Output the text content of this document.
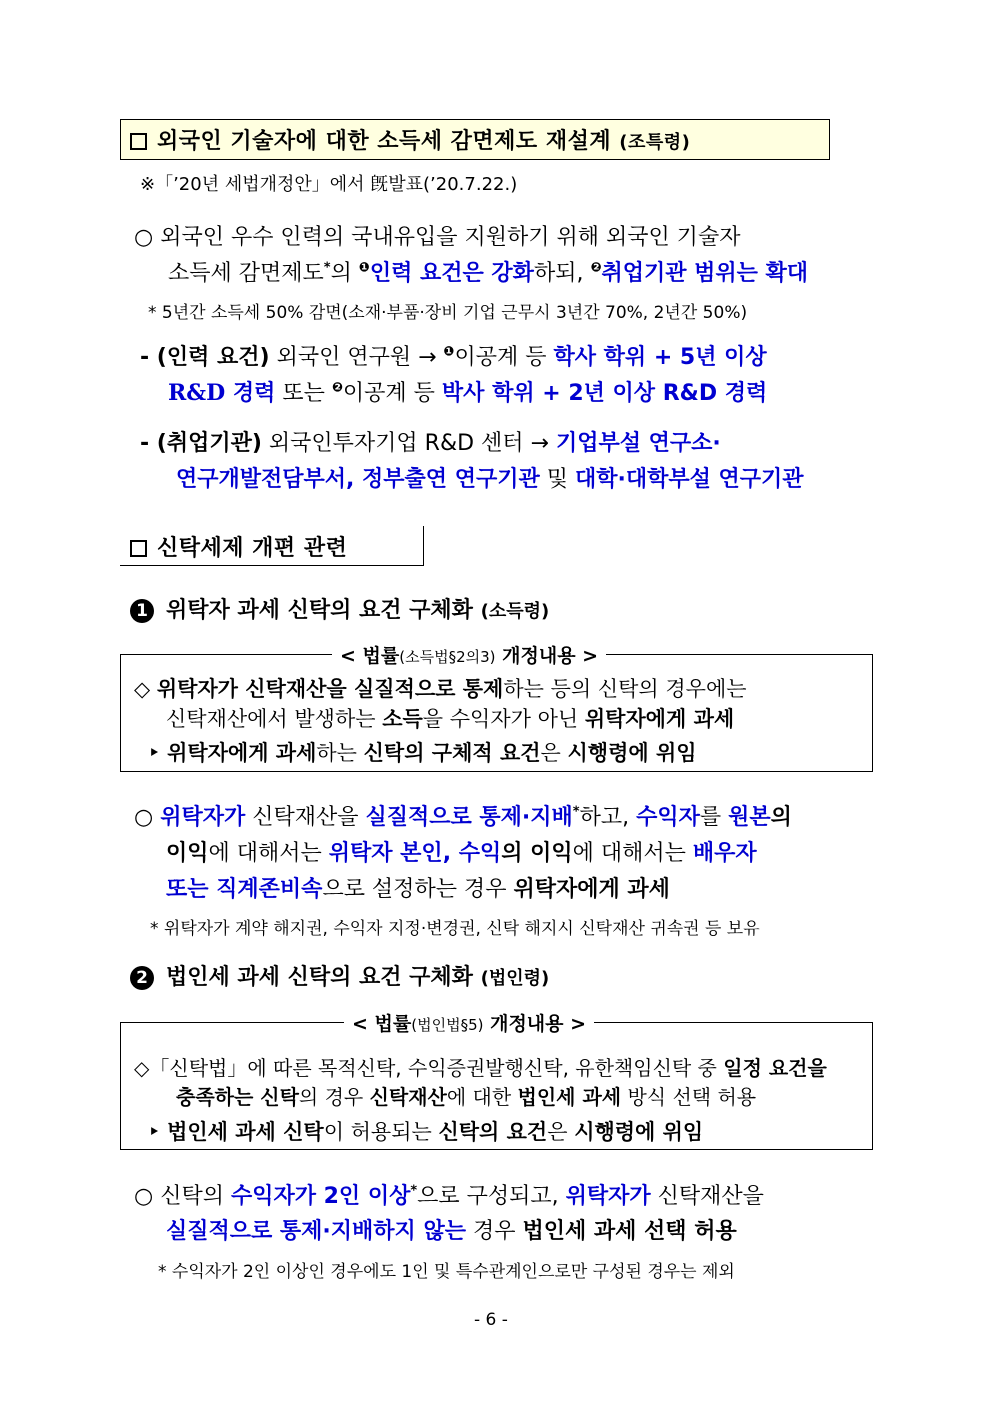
외국인 기술자에 대한 소득세 감면제도 재설계 (조특령)
※「’20년 세법개정안」에서 旣발표(’20.7.22.)
○ 외국인 우수 인력의 국내유입을 지원하기 위해 외국인 기술자
소득세 감면제도*의 $^❶$인력 요건은 강화하되, $^❷$취업기관 범위는 확대
* 5년간 소득세 50% 감면(소재·부품·장비 기업 근무시 3년간 70%, 2년간 50%)
- (인력 요건) 외국인 연구원 → $^❶$이공계 등 학사 학위 + 5년 이상
R&D 경력 또는 $^❷$이공계 등 박사 학위 + 2년 이상 R&D 경력
- (취업기관) 외국인투자기업 R&D 센터 → 기업부설 연구소·
연구개발전담부서, 정부출연 연구기관 및 대학·대학부설 연구기관
신탁세제 개편 관련
1 위탁자 과세 신탁의 요건 구체화 (소득령)
< 법률(소득법§2의3) 개정내용 >
◇ 위탁자가 신탁재산을 실질적으로 통제하는 등의 신탁의 경우에는
신탁재산에서 발생하는 소득을 수익자가 아닌 위탁자에게 과세
‣ 위탁자에게 과세하는 신탁의 구체적 요건은 시행령에 위임
○ 위탁자가 신탁재산을 실질적으로 통제·지배*하고, 수익자를 원본의
이익에 대해서는 위탁자 본인, 수익의 이익에 대해서는 배우자
또는 직계존비속으로 설정하는 경우 위탁자에게 과세
* 위탁자가 계약 해지권, 수익자 지정·변경권, 신탁 해지시 신탁재산 귀속권 등 보유
2 법인세 과세 신탁의 요건 구체화 (법인령)
< 법률(법인법§5) 개정내용 >
◇「신탁법」에 따른 목적신탁, 수익증권발행신탁, 유한책임신탁 중 일정 요건을
충족하는 신탁의 경우 신탁재산에 대한 법인세 과세 방식 선택 허용
‣ 법인세 과세 신탁이 허용되는 신탁의 요건은 시행령에 위임
○ 신탁의 수익자가 2인 이상*으로 구성되고, 위탁자가 신탁재산을
실질적으로 통제·지배하지 않는 경우 법인세 과세 선택 허용
* 수익자가 2인 이상인 경우에도 1인 및 특수관계인으로만 구성된 경우는 제외
- 6 -
